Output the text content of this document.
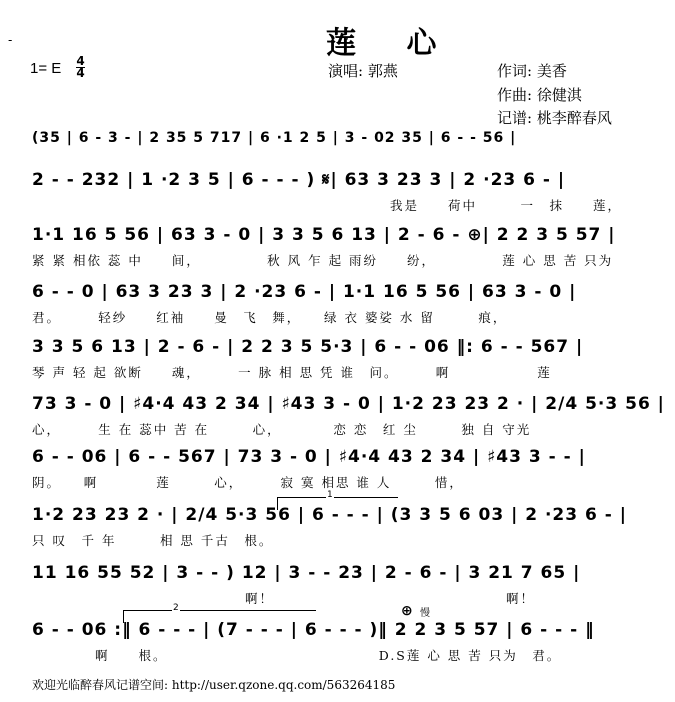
-	莲 心
1= E 4
4	演唱: 郭燕	作词: 美香
作曲: 徐健淇
记谱: 桃李醉春风
(35 | 6 - 3 - | 2 35 5 717 | 6 ·1 2 5 | 3 - 02 35 | 6 - - 56 |
2 - - 232 | 1 ·2 3 5 | 6 - - - ) 𝄋| 63 3 23 3 | 2 ·23 6 - |
我是　　荷中　　　一　抹　　莲，
1·1 16 5 56 | 63 3 - 0 | 3 3 5 6 13 | 2 - 6 - ⊕| 2 2 3 5 57 |
紧 紧 相依 蕊 中　　间，　　　　　秋 风 乍 起 雨纷　　纷，　　　　　莲 心 思 苦 只为
6 - - 0 | 63 3 23 3 | 2 ·23 6 - | 1·1 16 5 56 | 63 3 - 0 |
君。　　　轻纱　　红袖　　曼　飞　舞，　　绿 衣 婆娑 水 留　　　痕，
3 3 5 6 13 | 2 - 6 - | 2 2 3 5 5·3 | 6 - - 06 ‖: 6 - - 567 |
琴 声 轻 起 欲断　　魂，　　　一 脉 相 思 凭 谁　问。　　　啊　　　　　　莲
73 3 - 0 | ♯4·4 43 2 34 | ♯43 3 - 0 | 1·2 23 23 2 · | 2/4 5·3 56 |
心，　　　生 在 蕊中 苦 在　　　心，　　　　恋 恋　红 尘　　　独 自 守光
6 - - 06 | 6 - - 567 | 73 3 - 0 | ♯4·4 43 2 34 | ♯43 3 - - |
阴。　　啊　　　　莲　　　心，　　　寂 寞 相思 谁 人　　　惜，
1
1·2 23 23 2 · | 2/4 5·3 56 | 6 - - - | (3 3 5 6 03 | 2 ·23 6 - |
只 叹　千 年　　　相 思 千古　根。
11 16 55 52 | 3 - - ) 12 | 3 - - 23 | 2 - 6 - | 3 21 7 65 |
啊！　　　　　　　　　　　　　　　　啊！
2	⊕ 慢
6 - - 06 :‖ 6 - - - | (7 - - - | 6 - - - )‖ 2 2 3 5 57 | 6 - - - ‖
啊　　根。　　　　　　　　　　　　　　　D.S莲 心 思 苦 只为　君。
欢迎光临醉春风记谱空间: http://user.qzone.qq.com/563264185
